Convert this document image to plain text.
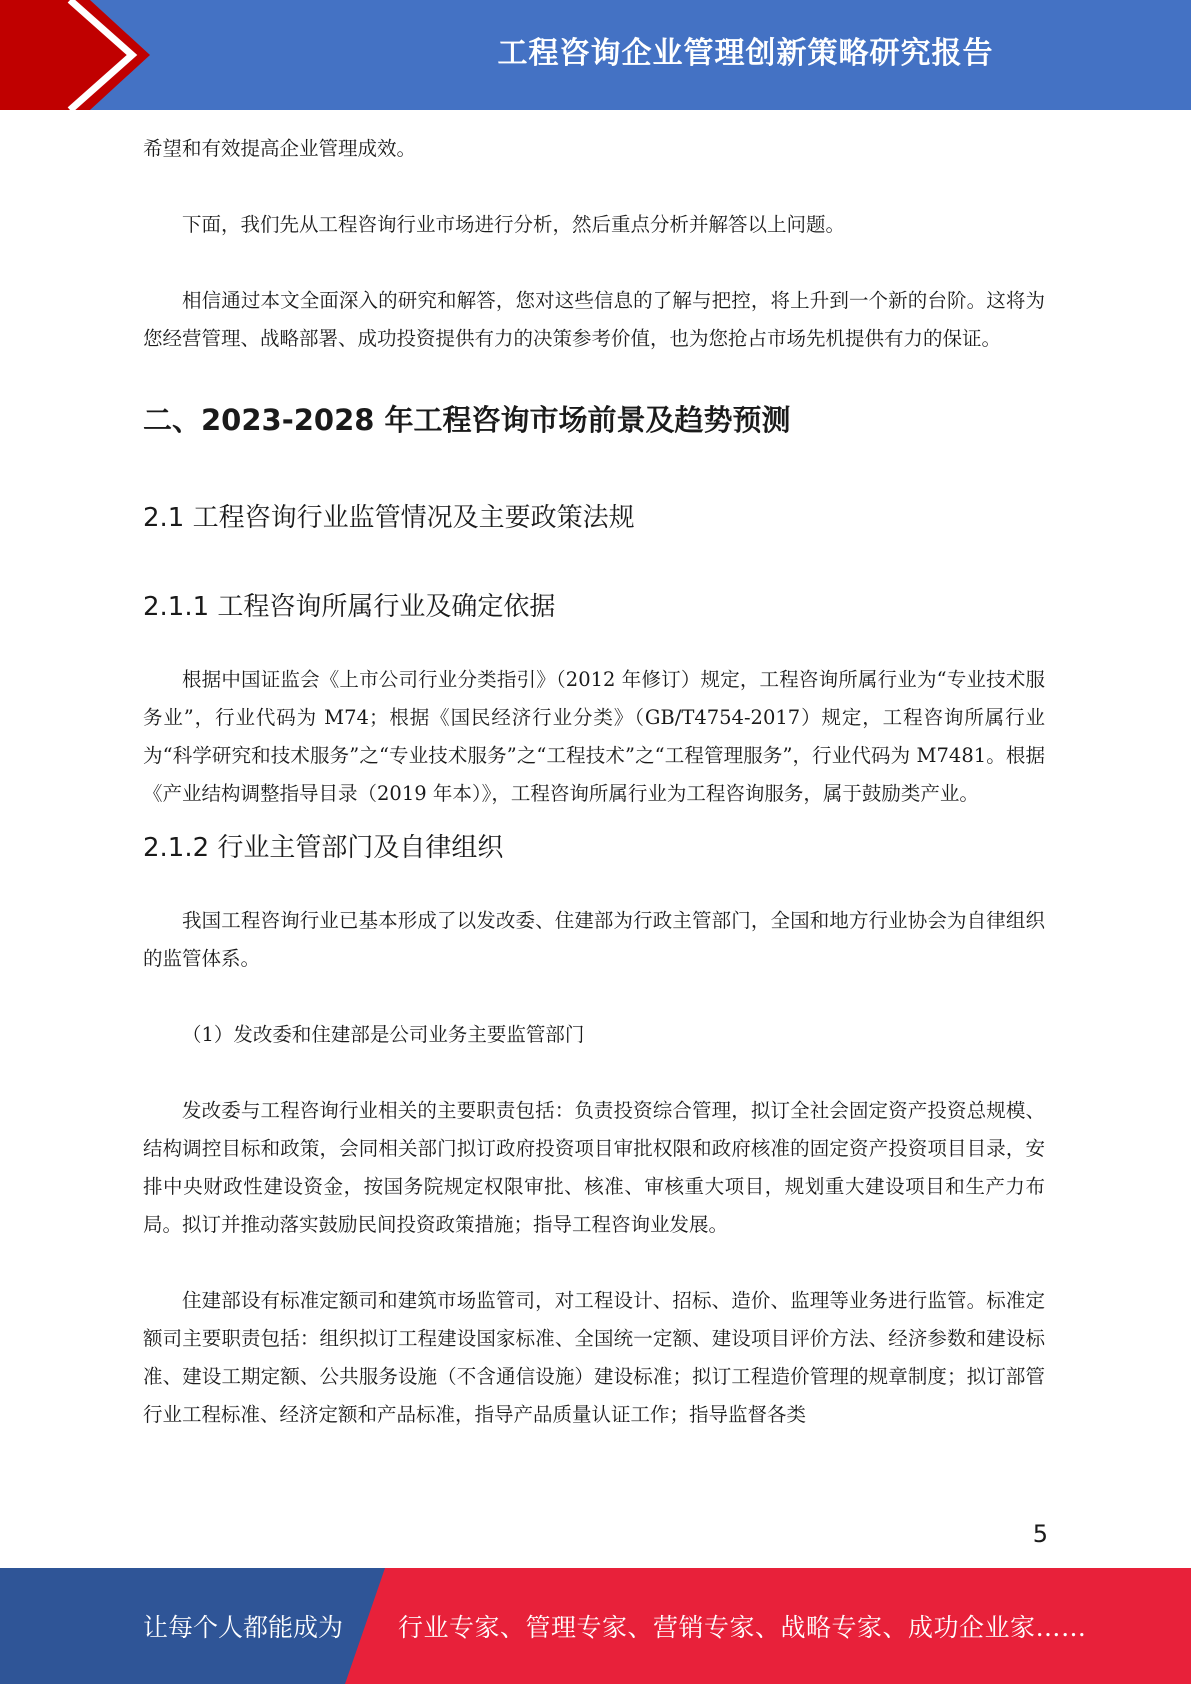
工程咨询企业管理创新策略研究报告

希望和有效提高企业管理成效。

下面，我们先从工程咨询行业市场进行分析，然后重点分析并解答以上问题。

相信通过本文全面深入的研究和解答，您对这些信息的了解与把控，将上升到一个新的台阶。这将为您经营管理、战略部署、成功投资提供有力的决策参考价值，也为您抢占市场先机提供有力的保证。

二、2023-2028 年工程咨询市场前景及趋势预测
2.1 工程咨询行业监管情况及主要政策法规
2.1.1 工程咨询所属行业及确定依据

根据中国证监会《上市公司行业分类指引》（2012 年修订）规定，工程咨询所属行业为“专业技术服务业”，行业代码为 M74；根据《国民经济行业分类》（GB/T4754-2017）规定，工程咨询所属行业为“科学研究和技术服务”之“专业技术服务”之“工程技术”之“工程管理服务”，行业代码为 M7481。根据《产业结构调整指导目录（2019 年本）》，工程咨询所属行业为工程咨询服务，属于鼓励类产业。

2.1.2 行业主管部门及自律组织

我国工程咨询行业已基本形成了以发改委、住建部为行政主管部门，全国和地方行业协会为自律组织的监管体系。

（1）发改委和住建部是公司业务主要监管部门

发改委与工程咨询行业相关的主要职责包括：负责投资综合管理，拟订全社会固定资产投资总规模、结构调控目标和政策，会同相关部门拟订政府投资项目审批权限和政府核准的固定资产投资项目目录，安排中央财政性建设资金，按国务院规定权限审批、核准、审核重大项目，规划重大建设项目和生产力布局。拟订并推动落实鼓励民间投资政策措施；指导工程咨询业发展。

住建部设有标准定额司和建筑市场监管司，对工程设计、招标、造价、监理等业务进行监管。标准定额司主要职责包括：组织拟订工程建设国家标准、全国统一定额、建设项目评价方法、经济参数和建设标准、建设工期定额、公共服务设施（不含通信设施）建设标准；拟订工程造价管理的规章制度；拟订部管行业工程标准、经济定额和产品标准，指导产品质量认证工作；指导监督各类

5
让每个人都能成为 行业专家、管理专家、营销专家、战略专家、成功企业家……
